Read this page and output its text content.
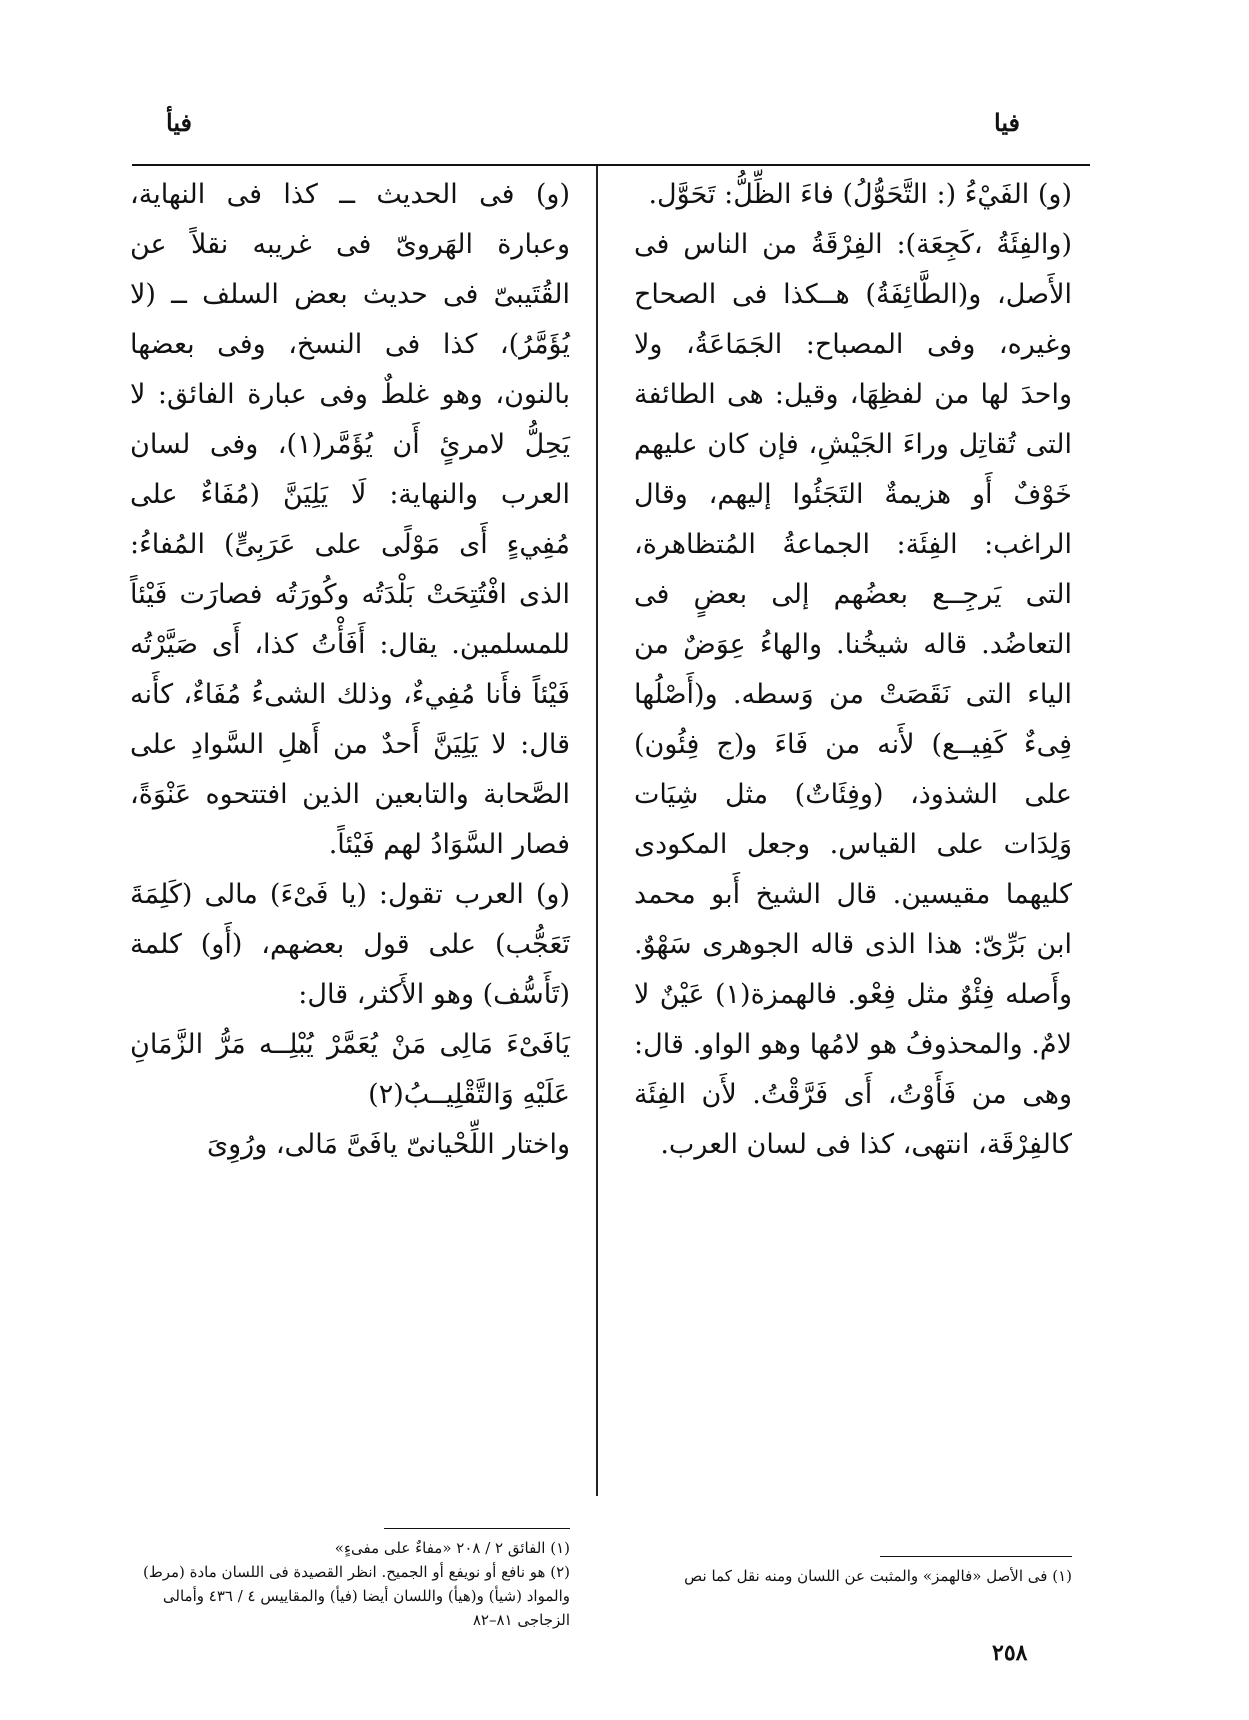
فيا
فيأ

(و) الفَيْءُ (: التَّحَوُّلُ) فاءَ الظِّلُّ: تَحَوَّل.

(والفِئَةُ ،كَجِعَة): الفِرْقَةُ من الناس فى الأَصل، و(الطَّائِفَةُ) هــكذا فى الصحاح وغيره، وفى المصباح: الجَمَاعَةُ، ولا واحدَ لها من لفظِهَا، وقيل: هى الطائفة التى تُقاتِل وراءَ الجَيْشِ، فإن كان عليهم خَوْفٌ أَو هزيمةٌ التَجَئُوا إليهم، وقال الراغب: الفِئَة: الجماعةُ المُتظاهرة، التى يَرجِــع بعضُهم إلى بعضٍ فى التعاضُد. قاله شيخُنا. والهاءُ عِوَضٌ من الياء التى نَقَصَتْ من وَسطه. و(أَصْلُها فِىءٌ كَفِيــع) لأَنه من فَاءَ و(ج فِئُون) على الشذوذ، (وفِئَاتٌ) مثل شِيَات وَلِدَات على القياس. وجعل المكودى كليهما مقيسين. قال الشيخ أَبو محمد ابن بَرِّىّ: هذا الذى قاله الجوهرى سَهْوٌ. وأَصله فِئْوٌ مثل فِعْو. فالهمزة(١) عَيْنٌ لا لامٌ. والمحذوفُ هو لامُها وهو الواو. قال: وهى من فَأَوْتُ، أَى فَرَّقْتُ. لأَن الفِئَة كالفِرْقَة، انتهى، كذا فى لسان العرب.

(و) فى الحديث ــ كذا فى النهاية، وعبارة الهَروىّ فى غريبه نقلاً عن القُتَيبىّ فى حديث بعض السلف ــ (لا يُؤَمَّرُ)، كذا فى النسخ، وفى بعضها بالنون، وهو غلطٌ وفى عبارة الفائق: لا يَحِلُّ لامرئٍ أَن يُؤَمَّر(١)، وفى لسان العرب والنهاية: لَا يَلِيَنَّ (مُفَاءٌ على مُفِيءٍ أَى مَوْلًى على عَرَبِىٍّ) المُفاءُ: الذى افْتُتِحَتْ بَلْدَتُه وكُورَتُه فصارَت فَيْئاً للمسلمين. يقال: أَفَأْتُ كذا، أَى صَيَّرْتُه فَيْئاً فأَنا مُفِيءٌ، وذلك الشىءُ مُفَاءٌ، كأَنه قال: لا يَلِيَنَّ أَحدٌ من أَهلِ السَّوادِ على الصَّحابة والتابعين الذين افتتحوه عَنْوَةً، فصار السَّوَادُ لهم فَيْئاً.

(و) العرب تقول: (يا فَىْءَ) مالى (كَلِمَةَ تَعَجُّب) على قول بعضهم، (أَو) كلمة (تَأَسُّف) وهو الأَكثر، قال:

يَافَىْءَ مَالِى مَنْ يُعَمَّرْ يُبْلِــه مَرُّ الزَّمَانِ عَلَيْهِ وَالتَّقْلِيــبُ(٢)

واختار اللِّحْيانىّ يافَىَّ مَالى، ورُوِىَ

(١) فى الأصل «فالهمز» والمثبت عن اللسان ومنه نقل كما نص

(١) الفائق ٢ / ٢٠٨ «مفاءٌ على مفىءٍ»

(٢) هو نافع أو نويفع أو الجميح. انظر القصيدة فى اللسان مادة (مرط) والمواد (شيأ) و(هيأ) واللسان أيضا (فيأ) والمقاييس ٤ / ٤٣٦ وأمالى الزجاجى ٨١–٨٢

٢٥٨
